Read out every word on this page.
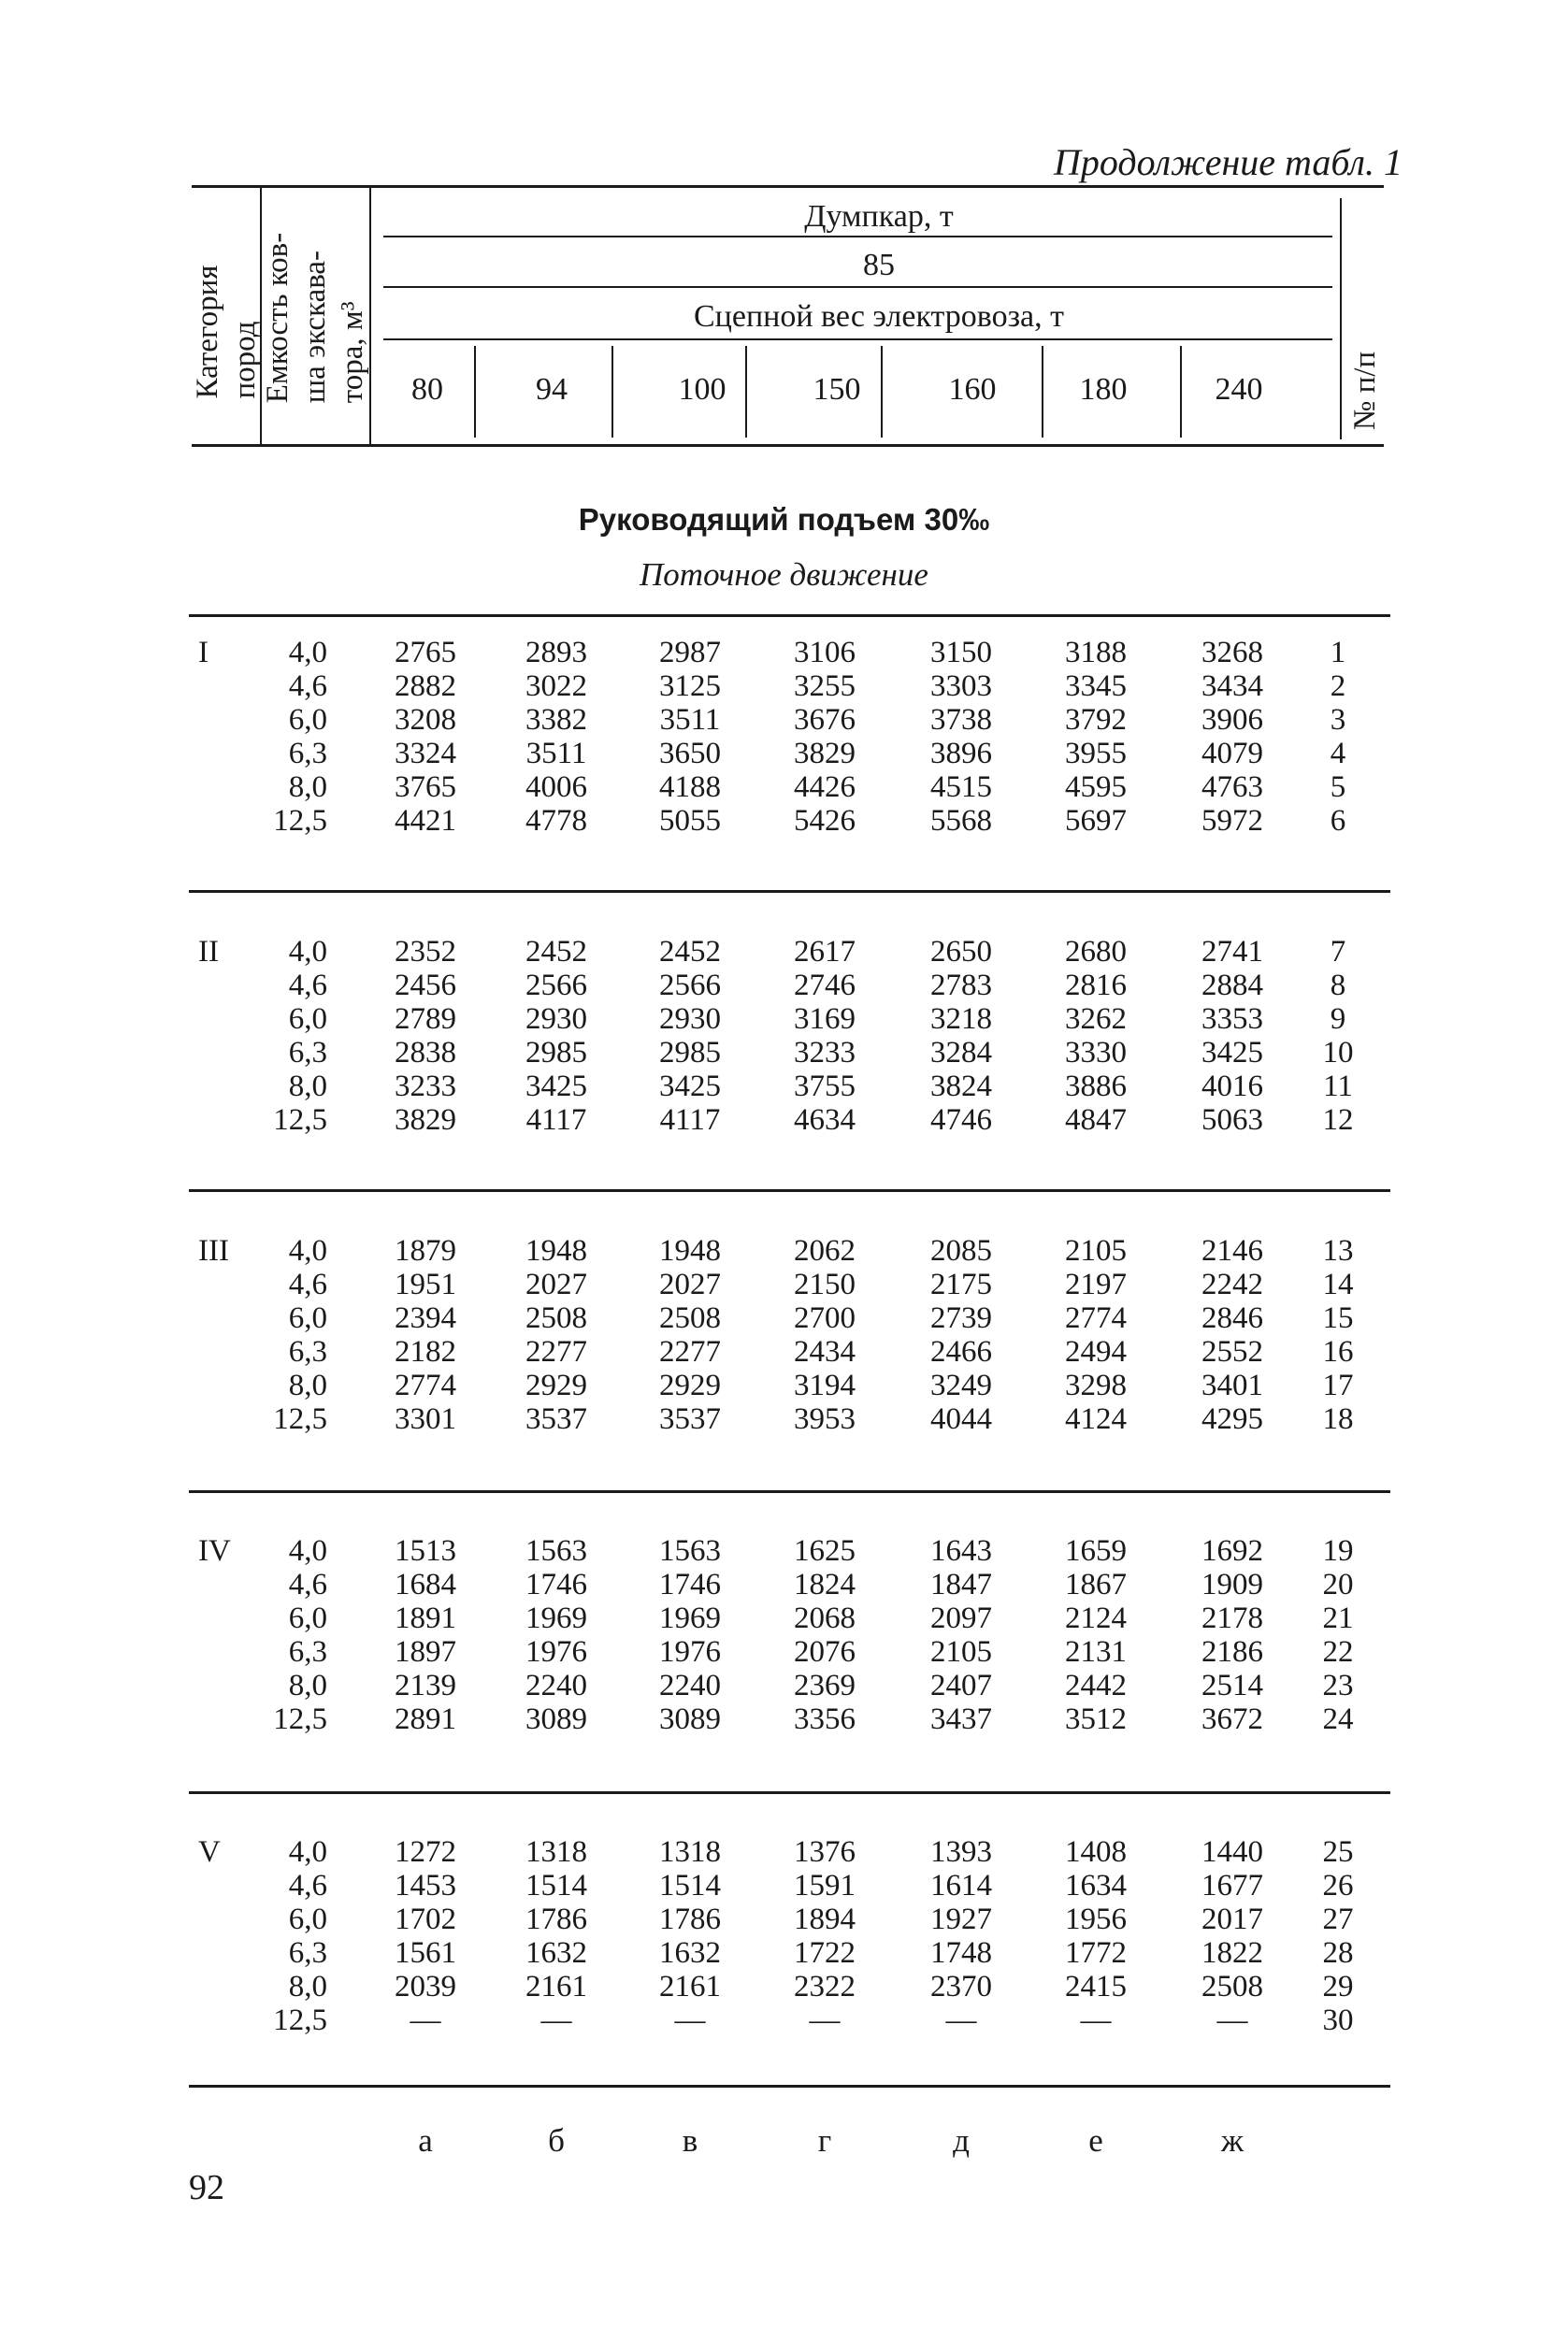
Продолжение табл. 1
Категория пород Емкость ков- ша экскава- тора, м³
Думпкар, т
85
Сцепной вес электровоза, т
80	94	100	150	160	180	240	№ п/п
Руководящий подъем 30‰
Поточное движение
I	4,0	2765	2893	2987	3106	3150	3188	3268	1
4,6	2882	3022	3125	3255	3303	3345	3434	2
6,0	3208	3382	3511	3676	3738	3792	3906	3
6,3	3324	3511	3650	3829	3896	3955	4079	4
8,0	3765	4006	4188	4426	4515	4595	4763	5
12,5	4421	4778	5055	5426	5568	5697	5972	6
II	4,0	2352	2452	2452	2617	2650	2680	2741	7
4,6	2456	2566	2566	2746	2783	2816	2884	8
6,0	2789	2930	2930	3169	3218	3262	3353	9
6,3	2838	2985	2985	3233	3284	3330	3425	10
8,0	3233	3425	3425	3755	3824	3886	4016	11
12,5	3829	4117	4117	4634	4746	4847	5063	12
III	4,0	1879	1948	1948	2062	2085	2105	2146	13
4,6	1951	2027	2027	2150	2175	2197	2242	14
6,0	2394	2508	2508	2700	2739	2774	2846	15
6,3	2182	2277	2277	2434	2466	2494	2552	16
8,0	2774	2929	2929	3194	3249	3298	3401	17
12,5	3301	3537	3537	3953	4044	4124	4295	18
IV	4,0	1513	1563	1563	1625	1643	1659	1692	19
4,6	1684	1746	1746	1824	1847	1867	1909	20
6,0	1891	1969	1969	2068	2097	2124	2178	21
6,3	1897	1976	1976	2076	2105	2131	2186	22
8,0	2139	2240	2240	2369	2407	2442	2514	23
12,5	2891	3089	3089	3356	3437	3512	3672	24
V	4,0	1272	1318	1318	1376	1393	1408	1440	25
4,6	1453	1514	1514	1591	1614	1634	1677	26
6,0	1702	1786	1786	1894	1927	1956	2017	27
6,3	1561	1632	1632	1722	1748	1772	1822	28
8,0	2039	2161	2161	2322	2370	2415	2508	29
12,5	—	—	—	—	—	—	—	30
а	б	в	г	д	е	ж
92
